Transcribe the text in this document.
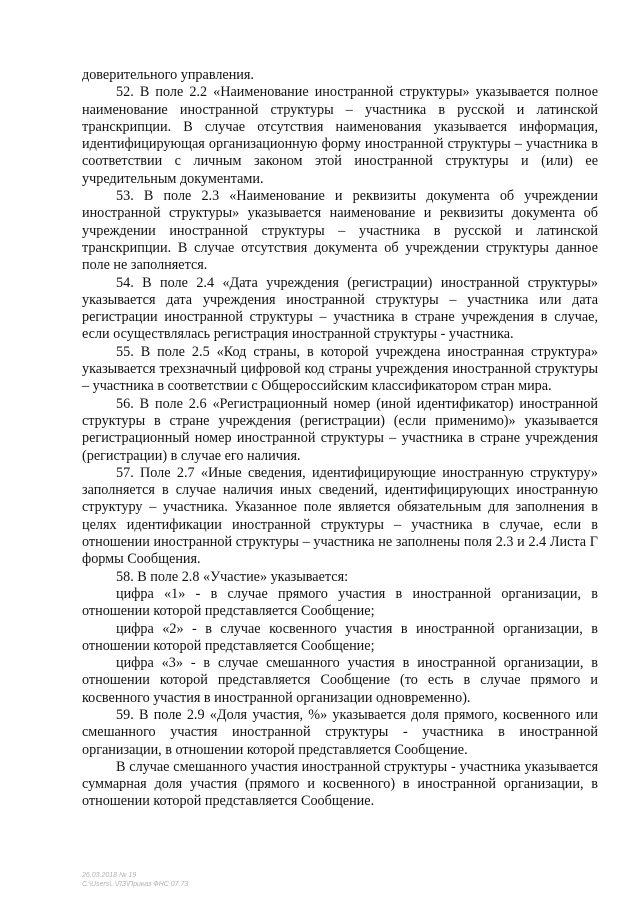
доверительного управления.

52. В поле 2.2 «Наименование иностранной структуры» указывается полное наименование иностранной структуры – участника в русской и латинской транскрипции. В случае отсутствия наименования указывается информация, идентифицирующая организационную форму иностранной структуры – участника в соответствии с личным законом этой иностранной структуры и (или) ее учредительным документами.

53. В поле 2.3 «Наименование и реквизиты документа об учреждении иностранной структуры» указывается наименование и реквизиты документа об учреждении иностранной структуры – участника в русской и латинской транскрипции. В случае отсутствия документа об учреждении структуры данное поле не заполняется.

54. В поле 2.4 «Дата учреждения (регистрации) иностранной структуры» указывается дата учреждения иностранной структуры – участника или дата регистрации иностранной структуры – участника в стране учреждения в случае, если осуществлялась регистрация иностранной структуры - участника.

55. В поле 2.5 «Код страны, в которой учреждена иностранная структура» указывается трехзначный цифровой код страны учреждения иностранной структуры – участника в соответствии с Общероссийским классификатором стран мира.

56. В поле 2.6 «Регистрационный номер (иной идентификатор) иностранной структуры в стране учреждения (регистрации) (если применимо)» указывается регистрационный номер иностранной структуры – участника в стране учреждения (регистрации) в случае его наличия.

57. Поле 2.7 «Иные сведения, идентифицирующие иностранную структуру» заполняется в случае наличия иных сведений, идентифицирующих иностранную структуру – участника. Указанное поле является обязательным для заполнения в целях идентификации иностранной структуры – участника в случае, если в отношении иностранной структуры – участника не заполнены поля 2.3 и 2.4 Листа Г формы Сообщения.

58. В поле 2.8 «Участие» указывается:

цифра «1» - в случае прямого участия в иностранной организации, в отношении которой представляется Сообщение;

цифра «2» - в случае косвенного участия в иностранной организации, в отношении которой представляется Сообщение;

цифра «3» - в случае смешанного участия в иностранной организации, в отношении которой представляется Сообщение (то есть в случае прямого и косвенного участия в иностранной организации одновременно).

59. В поле 2.9 «Доля участия, %» указывается доля прямого, косвенного или смешанного участия иностранной структуры - участника в иностранной организации, в отношении которой представляется Сообщение.

В случае смешанного участия иностранной структуры - участника указывается суммарная доля участия (прямого и косвенного) в иностранной организации, в отношении которой представляется Сообщение.

26.03.2018 № 19
С:\Users\..\ЛЗ\Приказ ФНС 07.73
